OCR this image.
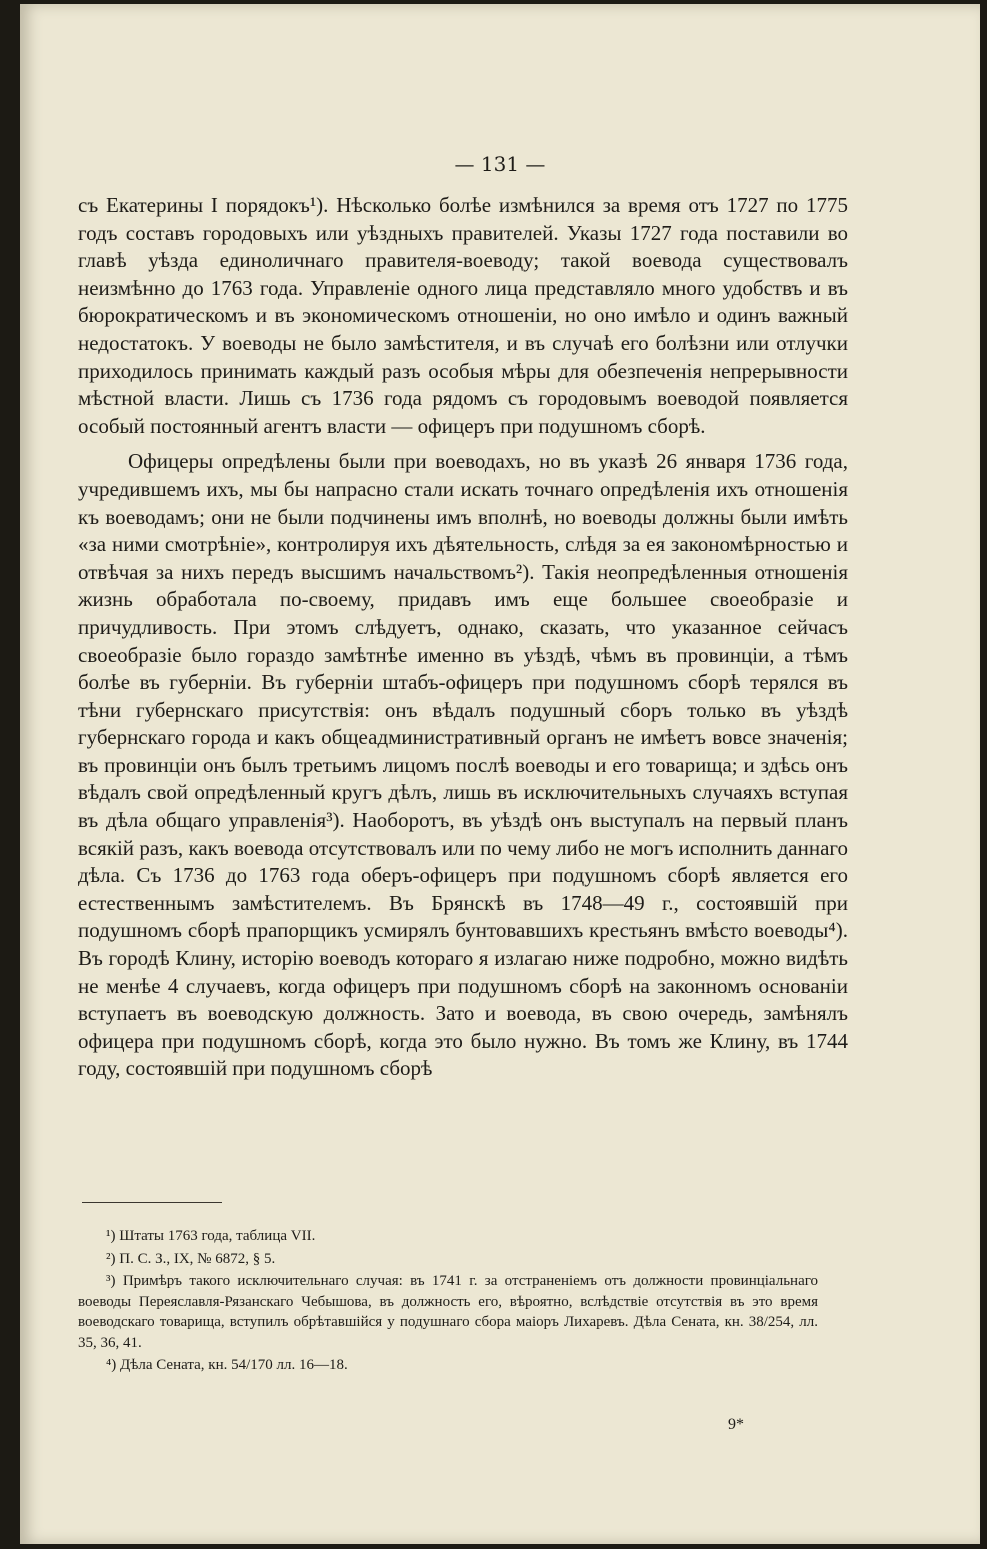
— 131 —

съ Екатерины I порядокъ¹). Нѣсколько болѣе измѣнился за время отъ 1727 по 1775 годъ составъ городовыхъ или уѣздныхъ правителей. Указы 1727 года поставили во главѣ уѣзда единоличнаго правителя-воеводу; такой воевода существовалъ неизмѣнно до 1763 года. Управленіе одного лица представляло много удобствъ и въ бюрократическомъ и въ экономическомъ отношеніи, но оно имѣло и одинъ важный недостатокъ. У воеводы не было замѣстителя, и въ случаѣ его болѣзни или отлучки приходилось принимать каждый разъ особыя мѣры для обезпеченія непрерывности мѣстной власти. Лишь съ 1736 года рядомъ съ городовымъ воеводой появляется особый постоянный агентъ власти — офицеръ при подушномъ сборѣ.

Офицеры опредѣлены были при воеводахъ, но въ указѣ 26 января 1736 года, учредившемъ ихъ, мы бы напрасно стали искать точнаго опредѣленія ихъ отношенія къ воеводамъ; они не были подчинены имъ вполнѣ, но воеводы должны были имѣть «за ними смотрѣніе», контролируя ихъ дѣятельность, слѣдя за ея закономѣрностью и отвѣчая за нихъ передъ высшимъ начальствомъ²). Такія неопредѣленныя отношенія жизнь обработала по-своему, придавъ имъ еще большее своеобразіе и причудливость. При этомъ слѣдуетъ, однако, сказать, что указанное сейчасъ своеобразіе было гораздо замѣтнѣе именно въ уѣздѣ, чѣмъ въ провинціи, а тѣмъ болѣе въ губерніи. Въ губерніи штабъ-офицеръ при подушномъ сборѣ терялся въ тѣни губернскаго присутствія: онъ вѣдалъ подушный сборъ только въ уѣздѣ губернскаго города и какъ общеадминистративный органъ не имѣетъ вовсе значенія; въ провинціи онъ былъ третьимъ лицомъ послѣ воеводы и его товарища; и здѣсь онъ вѣдалъ свой опредѣленный кругъ дѣлъ, лишь въ исключительныхъ случаяхъ вступая въ дѣла общаго управленія³). Наоборотъ, въ уѣздѣ онъ выступалъ на первый планъ всякій разъ, какъ воевода отсутствовалъ или по чему либо не могъ исполнить даннаго дѣла. Съ 1736 до 1763 года оберъ-офицеръ при подушномъ сборѣ является его естественнымъ замѣстителемъ. Въ Брянскѣ въ 1748—49 г., состоявшій при подушномъ сборѣ прапорщикъ усмирялъ бунтовавшихъ крестьянъ вмѣсто воеводы⁴). Въ городѣ Клину, исторію воеводъ котораго я излагаю ниже подробно, можно видѣть не менѣе 4 случаевъ, когда офицеръ при подушномъ сборѣ на законномъ основаніи вступаетъ въ воеводскую должность. Зато и воевода, въ свою очередь, замѣнялъ офицера при подушномъ сборѣ, когда это было нужно. Въ томъ же Клину, въ 1744 году, состоявшій при подушномъ сборѣ

¹) Штаты 1763 года, таблица VII.

²) П. С. З., IX, № 6872, § 5.

³) Примѣръ такого исключительнаго случая: въ 1741 г. за отстраненіемъ отъ должности провинціальнаго воеводы Переяславля-Рязанскаго Чебышова, въ должность его, вѣроятно, вслѣдствіе отсутствія въ это время воеводскаго товарища, вступилъ обрѣтавшійся у подушнаго сбора маіоръ Лихаревъ. Дѣла Сената, кн. 38/254, лл. 35, 36, 41.

⁴) Дѣла Сената, кн. 54/170 лл. 16—18.

9*
